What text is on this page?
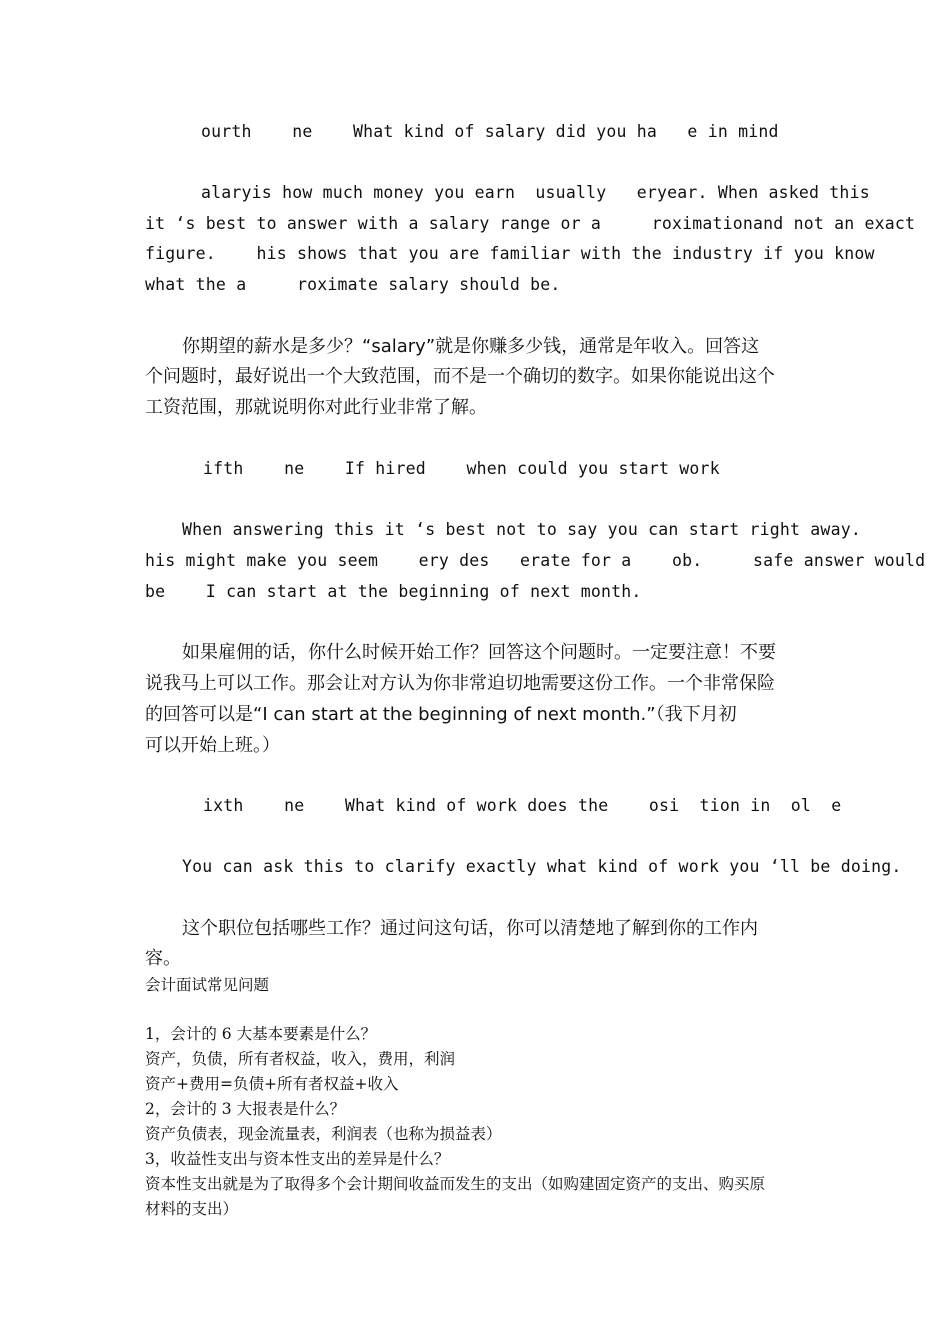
ourth    ne    What kind of salary did you ha   e in mind
alaryis how much money you earn  usually   eryear. When asked this
it ‘s best to answer with a salary range or a     roximationand not an exact
figure.    his shows that you are familiar with the industry if you know
what the a     roximate salary should be.
你期望的薪水是多少？“salary”就是你赚多少钱，通常是年收入。回答这
个问题时，最好说出一个大致范围，而不是一个确切的数字。如果你能说出这个
工资范围，那就说明你对此行业非常了解。
ifth    ne    If hired    when could you start work
When answering this it ‘s best not to say you can start right away.
his might make you seem    ery des   erate for a    ob.     safe answer would
be    I can start at the beginning of next month.
如果雇佣的话，你什么时候开始工作？回答这个问题时。一定要注意！不要
说我马上可以工作。那会让对方认为你非常迫切地需要这份工作。一个非常保险
的回答可以是“I can start at the beginning of next month.”（我下月初
可以开始上班。）
ixth    ne    What kind of work does the    osi  tion in  ol  e
You can ask this to clarify exactly what kind of work you ‘ll be doing.
这个职位包括哪些工作？通过问这句话，你可以清楚地了解到你的工作内
容。
会计面试常见问题
1，会计的 6 大基本要素是什么？
资产，负债，所有者权益，收入，费用，利润
资产+费用=负债+所有者权益+收入
2，会计的 3 大报表是什么？
资产负债表，现金流量表，利润表（也称为损益表）
3，收益性支出与资本性支出的差异是什么？
资本性支出就是为了取得多个会计期间收益而发生的支出（如购建固定资产的支出、购买原
材料的支出）
